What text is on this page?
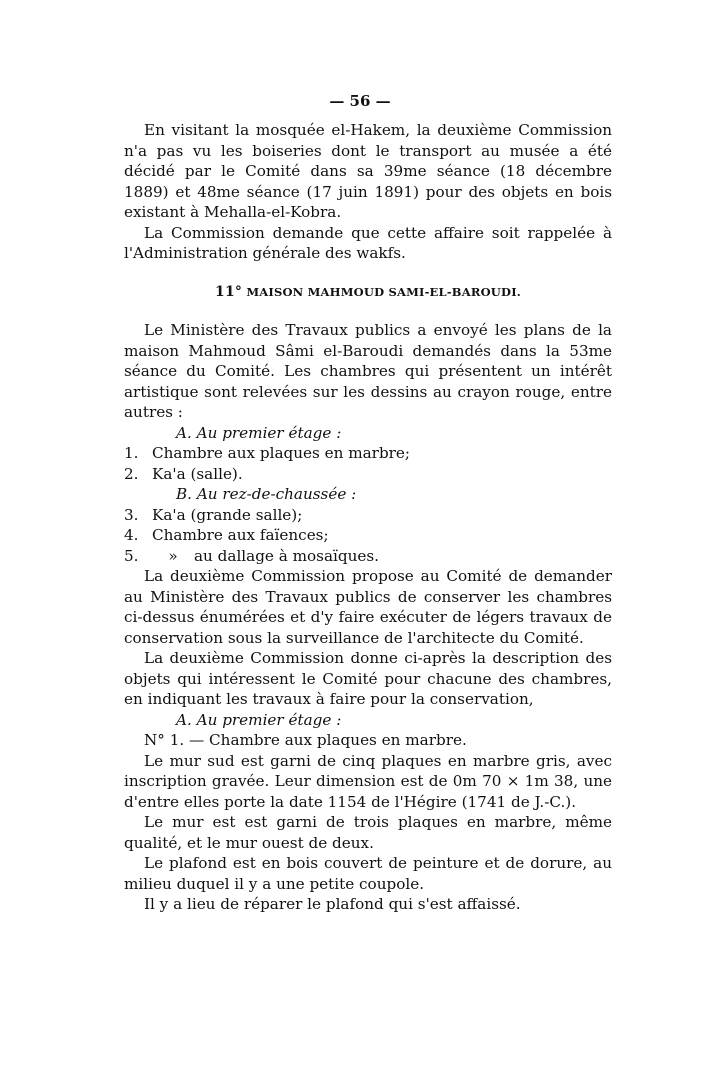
— 56 —

En visitant la mosquée el-Hakem, la deuxième Commission n'a pas vu les boiseries dont le transport au musée a été décidé par le Comité dans sa 39me séance (18 décembre 1889) et 48me séance (17 juin 1891) pour des objets en bois existant à Mehalla-el-Kobra.

La Commission demande que cette affaire soit rappelée à l'Administration générale des wakfs.

11° MAISON MAHMOUD SAMI-EL-BAROUDI.

Le Ministère des Travaux publics a envoyé les plans de la maison Mahmoud Sâmi el-Baroudi demandés dans la 53me séance du Comité. Les chambres qui présentent un intérêt artistique sont relevées sur les dessins au crayon rouge, entre autres :

A. Au premier étage :

1. Chambre aux plaques en marbre;
2. Ka'a (salle).

B. Au rez-de-chaussée :

3. Ka'a (grande salle);
4. Chambre aux faïences;
5.	»	au dallage à mosaïques.

La deuxième Commission propose au Comité de demander au Ministère des Travaux publics de conserver les chambres ci-dessus énumérées et d'y faire exécuter de légers travaux de conservation sous la surveillance de l'architecte du Comité.

La deuxième Commission donne ci-après la description des objets qui intéressent le Comité pour chacune des chambres, en indiquant les travaux à faire pour la conservation,

A. Au premier étage :

N° 1. — Chambre aux plaques en marbre.

Le mur sud est garni de cinq plaques en marbre gris, avec inscription gravée. Leur dimension est de 0m 70 × 1m 38, une d'entre elles porte la date 1154 de l'Hégire (1741 de J.-C.).

Le mur est est garni de trois plaques en marbre, même qualité, et le mur ouest de deux.

Le plafond est en bois couvert de peinture et de dorure, au milieu duquel il y a une petite coupole.

Il y a lieu de réparer le plafond qui s'est affaissé.
